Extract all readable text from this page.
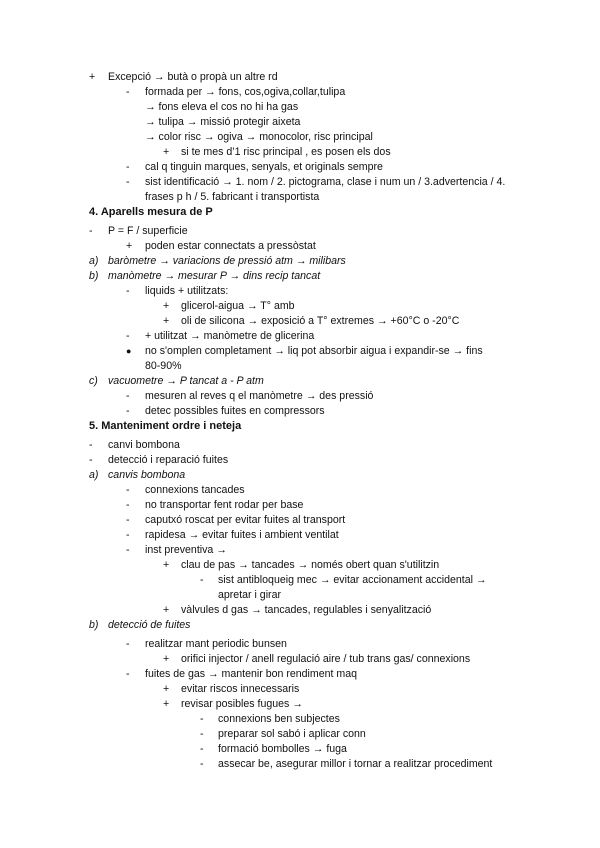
+ Excepció → butà o propà un altre rd
- formada per → fons, cos,ogiva,collar,tulipa
→ fons eleva el cos no hi ha gas
→ tulipa → missió protegir aixeta
→ color risc → ogiva → monocolor, risc principal
+ si te mes d’1 risc principal , es posen els dos
- cal q tinguin marques, senyals, et originals sempre
- sist identificació → 1. nom / 2. pictograma, clase i num un / 3.advertencia / 4.
frases p h / 5. fabricant i transportista
4. Aparells mesura de P
- P = F / superficie
+ poden estar connectats a pressòstat
a) baròmetre → variacions de pressió atm → milibars
b) manòmetre → mesurar P → dins recip tancat
- liquids + utilitzats:
+ glicerol-aigua → T° amb
+ oli de silicona → exposició a T° extremes → +60°C o -20°C
- + utilitzat → manòmetre de glicerina
● no s'omplen completament → liq pot absorbir aigua i expandir-se → fins
80-90%
c) vacuometre → P tancat a - P atm
- mesuren al reves q el manòmetre → des pressió
- detec possibles fuites en compressors
5. Manteniment ordre i neteja
- canvi bombona
- detecció i reparació fuites
a) canvis bombona
- connexions tancades
- no transportar fent rodar per base
- caputxó roscat per evitar fuites al transport
- rapidesa → evitar fuites i ambient ventilat
- inst preventiva →
+ clau de pas → tancades → només obert quan s'utilitzin
- sist antibloqueig mec → evitar accionament accidental →
apretar i girar
+ vàlvules d gas → tancades, regulables i senyalització
b) detecció de fuites
- realitzar mant periodic bunsen
+ orifici injector / anell regulació aire / tub trans gas/ connexions
- fuites de gas → mantenir bon rendiment maq
+ evitar riscos innecessaris
+ revisar posibles fugues →
- connexions ben subjectes
- preparar sol sabó i aplicar conn
- formació bombolles → fuga
- assecar be, asegurar millor i tornar a realitzar procediment
